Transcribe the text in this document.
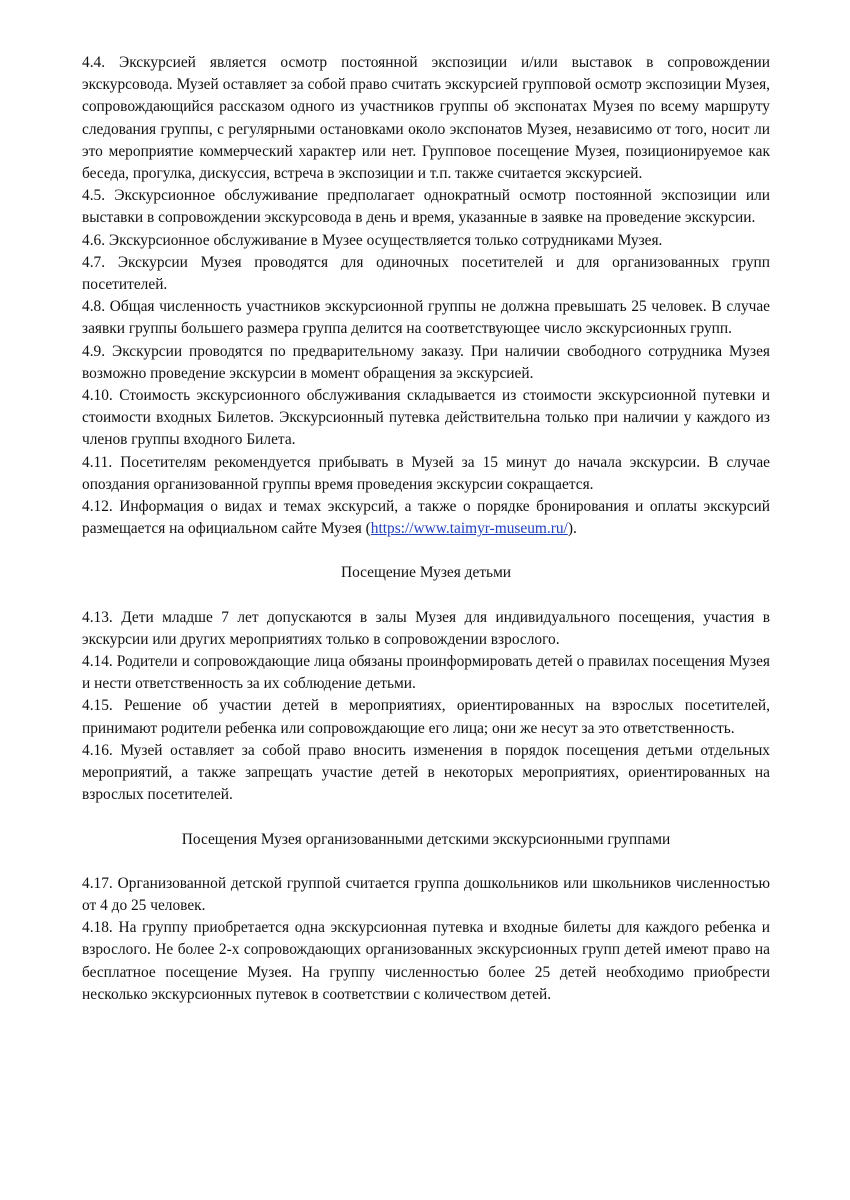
4.4. Экскурсией является осмотр постоянной экспозиции и/или выставок в сопровождении экскурсовода. Музей оставляет за собой право считать экскурсией групповой осмотр экспозиции Музея, сопровождающийся рассказом одного из участников группы об экспонатах Музея по всему маршруту следования группы, с регулярными остановками около экспонатов Музея, независимо от того, носит ли это мероприятие коммерческий характер или нет. Групповое посещение Музея, позиционируемое как беседа, прогулка, дискуссия, встреча в экспозиции и т.п. также считается экскурсией.

4.5. Экскурсионное обслуживание предполагает однократный осмотр постоянной экспозиции или выставки в сопровождении экскурсовода в день и время, указанные в заявке на проведение экскурсии.

4.6. Экскурсионное обслуживание в Музее осуществляется только сотрудниками Музея.

4.7. Экскурсии Музея проводятся для одиночных посетителей и для организованных групп посетителей.

4.8. Общая численность участников экскурсионной группы не должна превышать 25 человек. В случае заявки группы большего размера группа делится на соответствующее число экскурсионных групп.

4.9. Экскурсии проводятся по предварительному заказу. При наличии свободного сотрудника Музея возможно проведение экскурсии в момент обращения за экскурсией.

4.10. Стоимость экскурсионного обслуживания складывается из стоимости экскурсионной путевки и стоимости входных Билетов. Экскурсионный путевка действительна только при наличии у каждого из членов группы входного Билета.

4.11. Посетителям рекомендуется прибывать в Музей за 15 минут до начала экскурсии. В случае опоздания организованной группы время проведения экскурсии сокращается.

4.12. Информация о видах и темах экскурсий, а также о порядке бронирования и оплаты экскурсий размещается на официальном сайте Музея (https://www.taimyr-museum.ru/).

Посещение Музея детьми

4.13. Дети младше 7 лет допускаются в залы Музея для индивидуального посещения, участия в экскурсии или других мероприятиях только в сопровождении взрослого.

4.14. Родители и сопровождающие лица обязаны проинформировать детей о правилах посещения Музея и нести ответственность за их соблюдение детьми.

4.15. Решение об участии детей в мероприятиях, ориентированных на взрослых посетителей, принимают родители ребенка или сопровождающие его лица; они же несут за это ответственность.

4.16. Музей оставляет за собой право вносить изменения в порядок посещения детьми отдельных мероприятий, а также запрещать участие детей в некоторых мероприятиях, ориентированных на взрослых посетителей.

Посещения Музея организованными детскими экскурсионными группами

4.17. Организованной детской группой считается группа дошкольников или школьников численностью от 4 до 25 человек.

4.18. На группу приобретается одна экскурсионная путевка и входные билеты для каждого ребенка и взрослого. Не более 2-х сопровождающих организованных экскурсионных групп детей имеют право на бесплатное посещение Музея. На группу численностью более 25 детей необходимо приобрести несколько экскурсионных путевок в соответствии с количеством детей.
